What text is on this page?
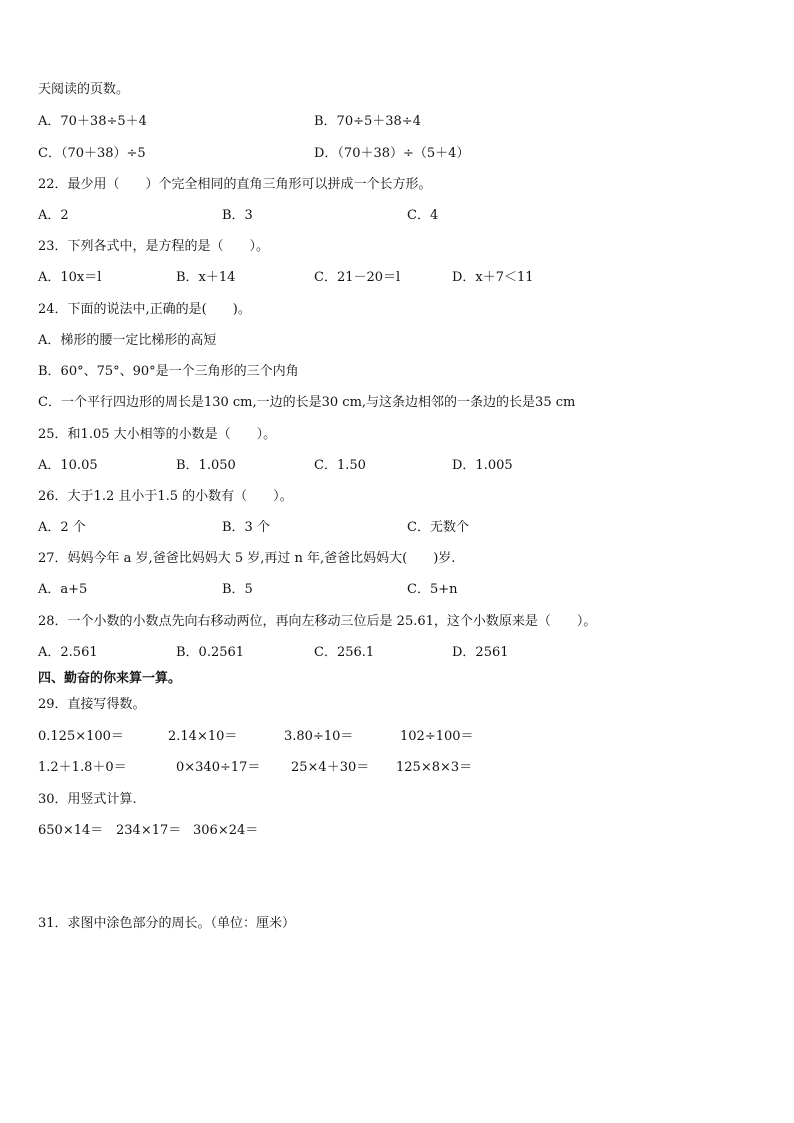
天阅读的页数。
A．70＋38÷5＋4	B．70÷5＋38÷4
C．（70＋38）÷5	D．（70＋38）÷（5＋4）
22．最少用（　　）个完全相同的直角三角形可以拼成一个长方形。
A．2	B．3	C．4
23．下列各式中，是方程的是（　　）。
A．10x＝l	B．x＋14	C．21－20＝l	D．x＋7＜11
24．下面的说法中,正确的是(　　)。
A．梯形的腰一定比梯形的高短
B．60°、75°、90°是一个三角形的三个内角
C．一个平行四边形的周长是130 cm,一边的长是30 cm,与这条边相邻的一条边的长是35 cm
25．和1.05 大小相等的小数是（　　）。
A．10.05	B．1.050	C．1.50	D．1.005
26．大于1.2 且小于1.5 的小数有（　　）。
A．2 个	B．3 个	C．无数个
27．妈妈今年 a 岁,爸爸比妈妈大 5 岁,再过 n 年,爸爸比妈妈大(　　)岁.
A．a+5	B．5	C．5+n
28．一个小数的小数点先向右移动两位，再向左移动三位后是 25.61，这个小数原来是（　　）。
A．2.561	B．0.2561	C．256.1	D．2561
四、勤奋的你来算一算。
29．直接写得数。
0.125×100＝	2.14×10＝	3.80÷10＝	102÷100＝
1.2＋1.8＋0＝	0×340÷17＝ 25×4＋30＝ 125×8×3＝
30．用竖式计算.
650×14＝ 234×17＝ 306×24＝
31．求图中涂色部分的周长。（单位：厘米）
